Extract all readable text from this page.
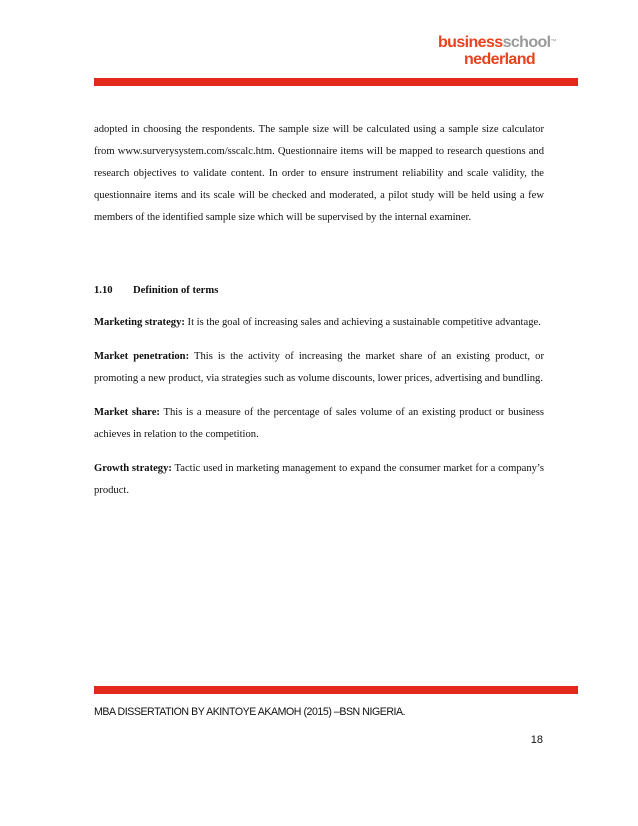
businessschool™
nederland

adopted in choosing the respondents. The sample size will be calculated using a sample size calculator from www.surverysystem.com/sscalc.htm. Questionnaire items will be mapped to research questions and research objectives to validate content. In order to ensure instrument reliability and scale validity, the questionnaire items and its scale will be checked and moderated, a pilot study will be held using a few members of the identified sample size which will be supervised by the internal examiner.

1.10 Definition of terms

Marketing strategy: It is the goal of increasing sales and achieving a sustainable competitive advantage.

Market penetration: This is the activity of increasing the market share of an existing product, or promoting a new product, via strategies such as volume discounts, lower prices, advertising and bundling.

Market share: This is a measure of the percentage of sales volume of an existing product or business achieves in relation to the competition.

Growth strategy: Tactic used in marketing management to expand the consumer market for a company’s product.

MBA DISSERTATION BY AKINTOYE AKAMOH (2015) –BSN NIGERIA.
18
